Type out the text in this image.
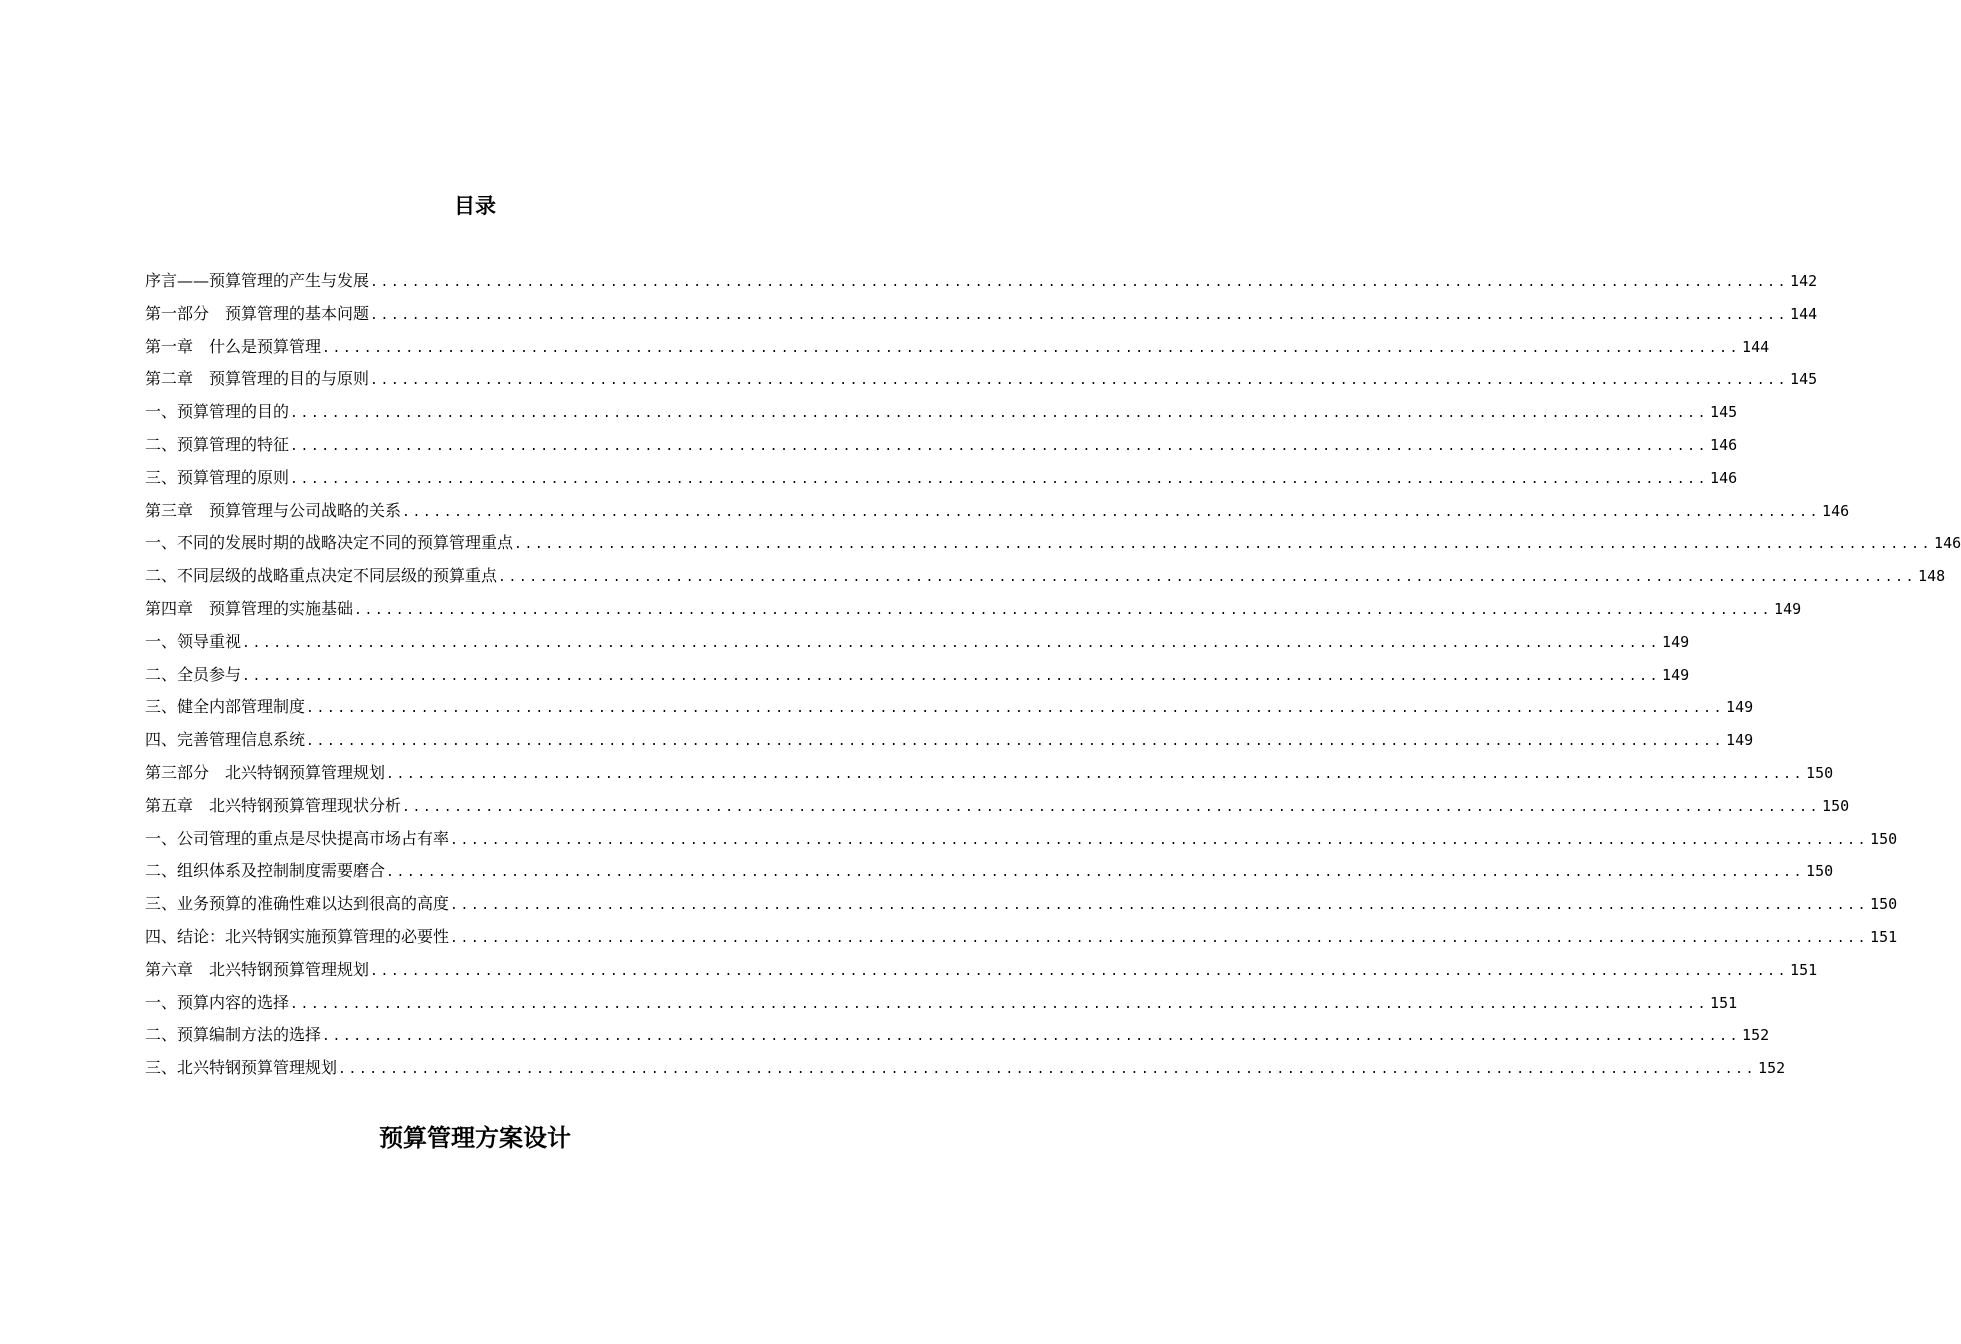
目录
序言——预算管理的产生与发展 ........................................................................................................................................ 142
第一部分　预算管理的基本问题 ........................................................................................................................................ 144
第一章　什么是预算管理 ........................................................................................................................................ 144
第二章　预算管理的目的与原则 ........................................................................................................................................ 145
一、预算管理的目的 ........................................................................................................................................ 145
二、预算管理的特征 ........................................................................................................................................ 146
三、预算管理的原则 ........................................................................................................................................ 146
第三章　预算管理与公司战略的关系 ........................................................................................................................................ 146
一、不同的发展时期的战略决定不同的预算管理重点 ........................................................................................................................................ 146
二、不同层级的战略重点决定不同层级的预算重点 ........................................................................................................................................ 148
第四章　预算管理的实施基础 ........................................................................................................................................ 149
一、领导重视 ........................................................................................................................................ 149
二、全员参与 ........................................................................................................................................ 149
三、健全内部管理制度 ........................................................................................................................................ 149
四、完善管理信息系统 ........................................................................................................................................ 149
第三部分　北兴特钢预算管理规划 ........................................................................................................................................ 150
第五章　北兴特钢预算管理现状分析 ........................................................................................................................................ 150
一、公司管理的重点是尽快提高市场占有率 ........................................................................................................................................ 150
二、组织体系及控制制度需要磨合 ........................................................................................................................................ 150
三、业务预算的准确性难以达到很高的高度 ........................................................................................................................................ 150
四、结论：北兴特钢实施预算管理的必要性 ........................................................................................................................................ 151
第六章　北兴特钢预算管理规划 ........................................................................................................................................ 151
一、预算内容的选择 ........................................................................................................................................ 151
二、预算编制方法的选择 ........................................................................................................................................ 152
三、北兴特钢预算管理规划 ........................................................................................................................................ 152
预算管理方案设计
